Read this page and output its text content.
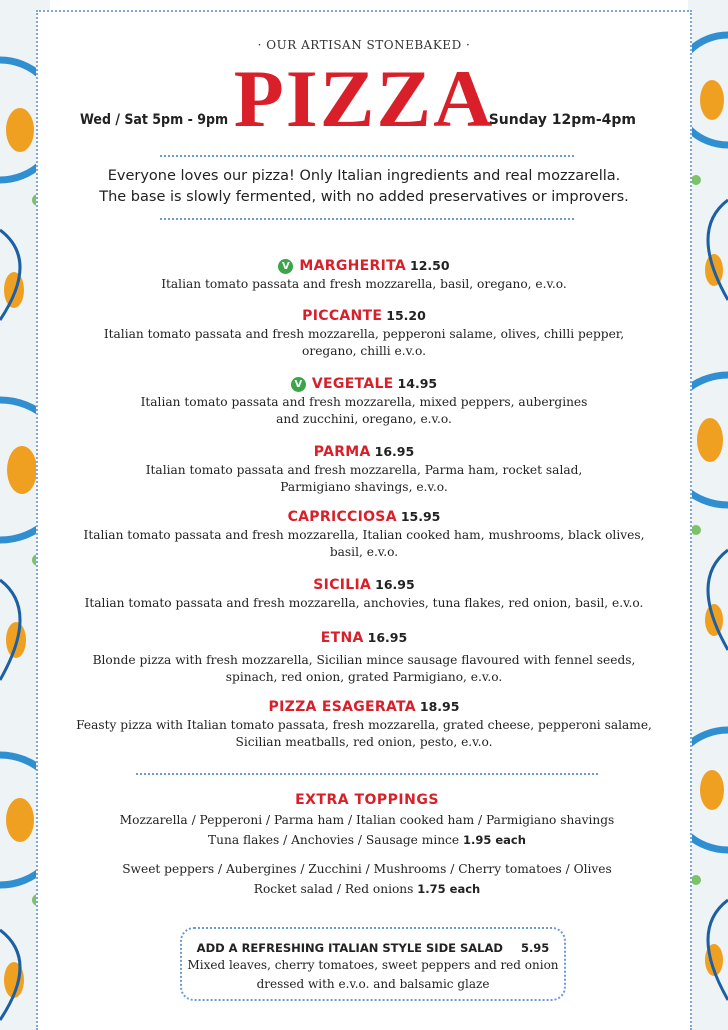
· OUR ARTISAN STONEBAKED ·
PIZZA
Wed / Sat 5pm - 9pm	Sunday 12pm-4pm
Everyone loves our pizza! Only Italian ingredients and real mozzarella.
The base is slowly fermented, with no added preservatives or improvers.
V MARGHERITA 12.50
Italian tomato passata and fresh mozzarella, basil, oregano, e.v.o.
PICCANTE 15.20
Italian tomato passata and fresh mozzarella, pepperoni salame, olives, chilli pepper,
oregano, chilli e.v.o.
V VEGETALE 14.95
Italian tomato passata and fresh mozzarella, mixed peppers, aubergines
and zucchini, oregano, e.v.o.
PARMA 16.95
Italian tomato passata and fresh mozzarella, Parma ham, rocket salad,
Parmigiano shavings, e.v.o.
CAPRICCIOSA 15.95
Italian tomato passata and fresh mozzarella, Italian cooked ham, mushrooms, black olives,
basil, e.v.o.
SICILIA 16.95
Italian tomato passata and fresh mozzarella, anchovies, tuna flakes, red onion, basil, e.v.o.
ETNA 16.95
Blonde pizza with fresh mozzarella, Sicilian mince sausage flavoured with fennel seeds,
spinach, red onion, grated Parmigiano, e.v.o.
PIZZA ESAGERATA 18.95
Feasty pizza with Italian tomato passata, fresh mozzarella, grated cheese, pepperoni salame,
Sicilian meatballs, red onion, pesto, e.v.o.
EXTRA TOPPINGS
Mozzarella / Pepperoni / Parma ham / Italian cooked ham / Parmigiano shavings
Tuna flakes / Anchovies / Sausage mince 1.95 each
Sweet peppers / Aubergines / Zucchini / Mushrooms / Cherry tomatoes / Olives
Rocket salad / Red onions 1.75 each
ADD A REFRESHING ITALIAN STYLE SIDE SALAD 5.95
Mixed leaves, cherry tomatoes, sweet peppers and red onion
dressed with e.v.o. and balsamic glaze
